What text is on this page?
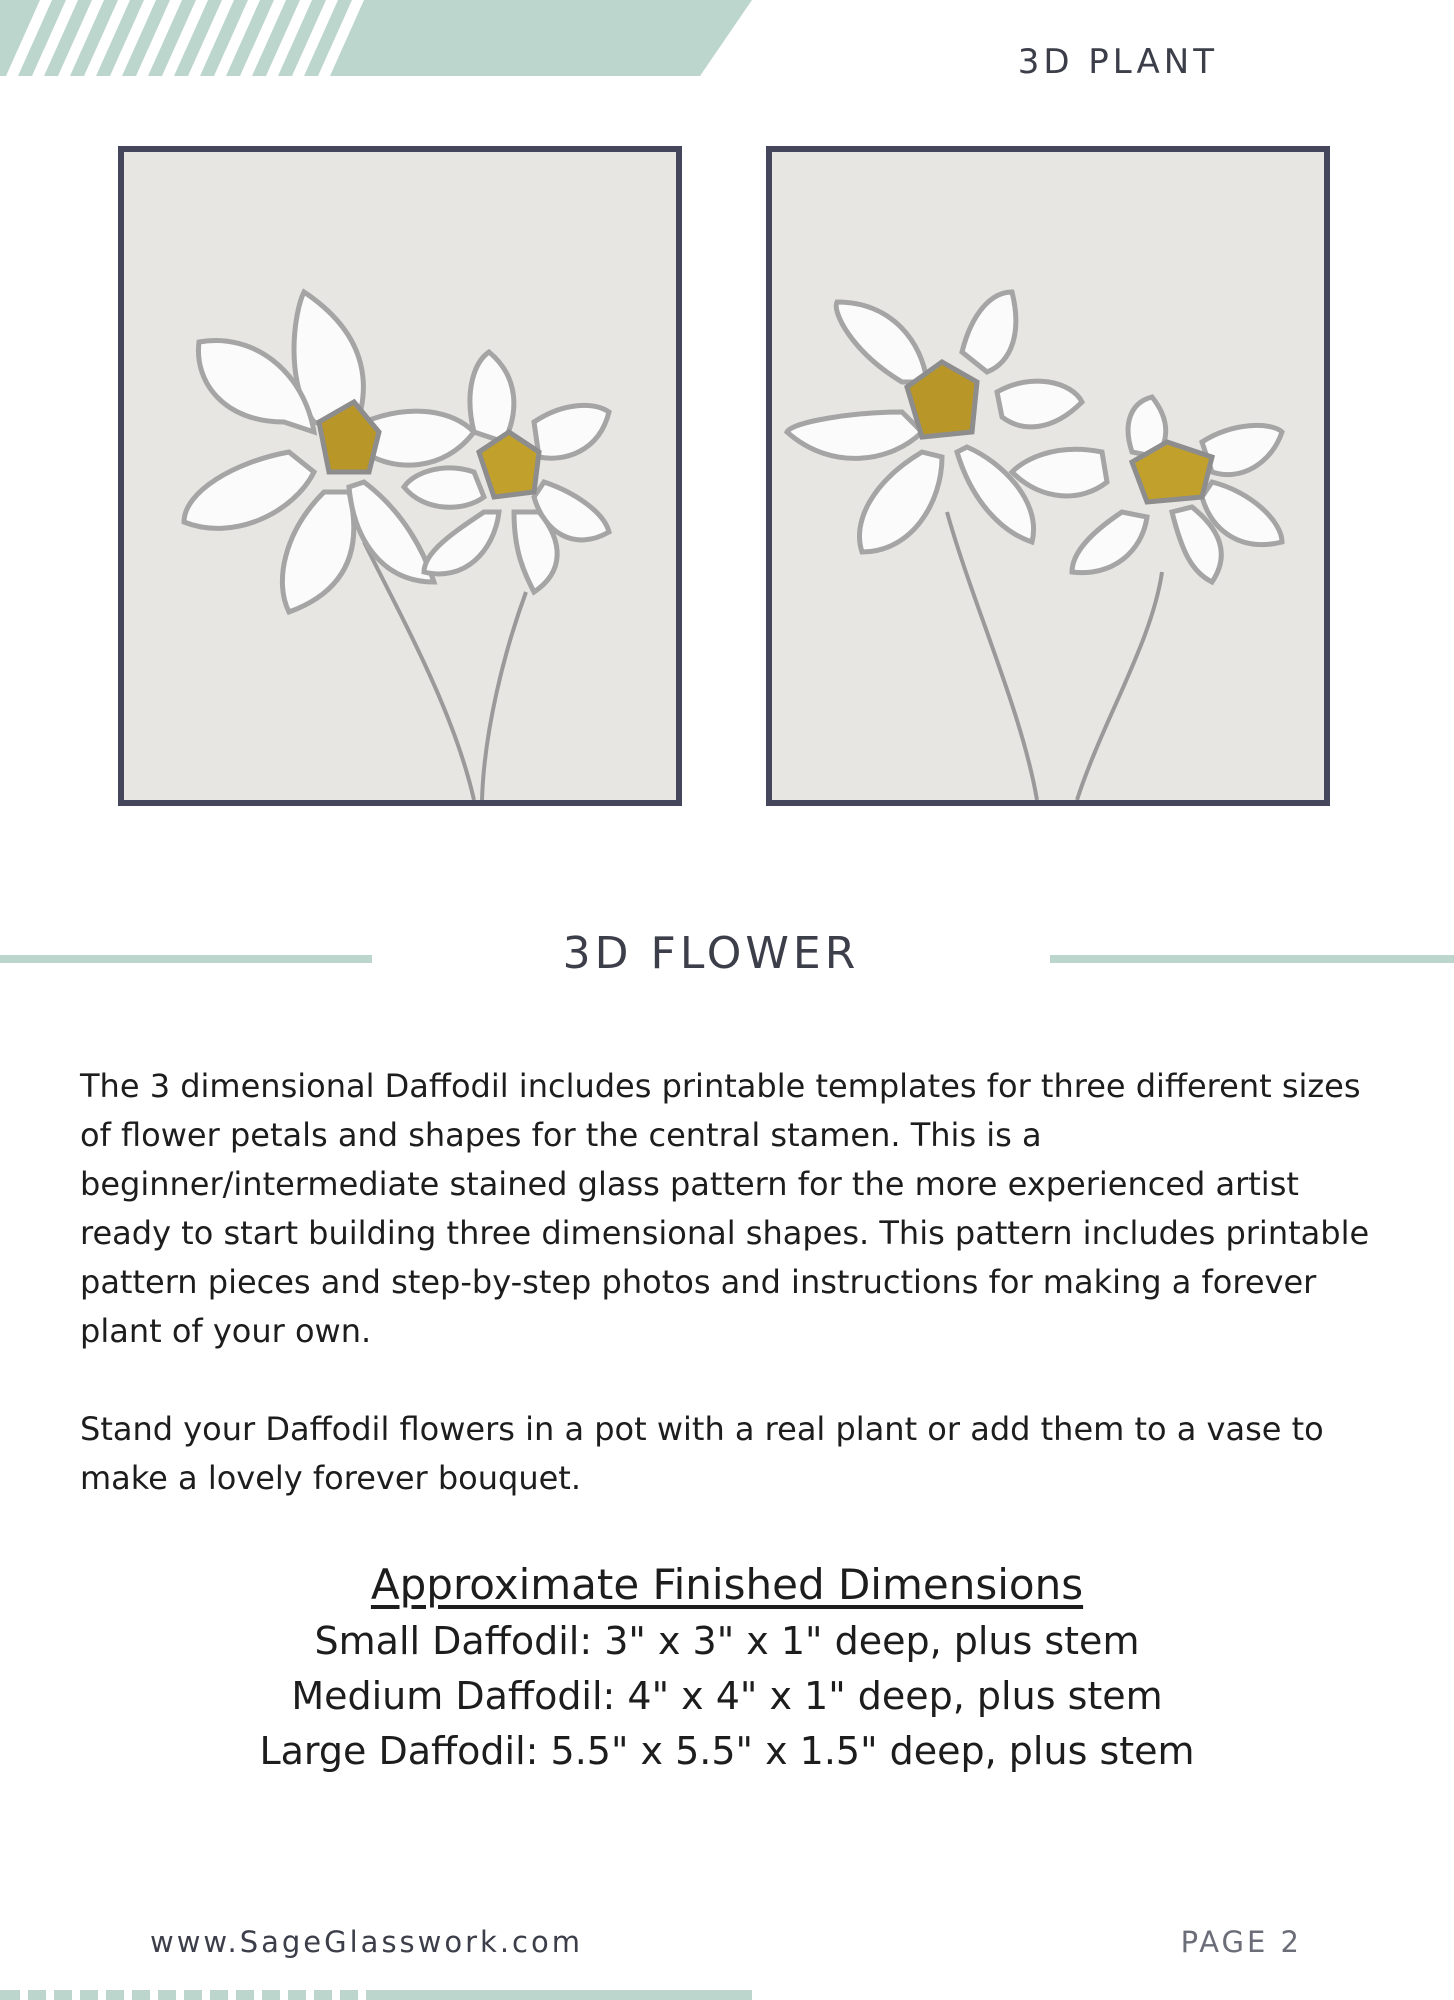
3D PLANT
3D FLOWER

The 3 dimensional Daffodil includes printable templates for three different sizes of flower petals and shapes for the central stamen. This is a beginner/intermediate stained glass pattern for the more experienced artist ready to start building three dimensional shapes. This pattern includes printable pattern pieces and step-by-step photos and instructions for making a forever plant of your own.

Stand your Daffodil flowers in a pot with a real plant or add them to a vase to make a lovely forever bouquet.

Approximate Finished Dimensions
Small Daffodil: 3" x 3" x 1" deep, plus stem
Medium Daffodil: 4" x 4" x 1" deep, plus stem
Large Daffodil: 5.5" x 5.5" x 1.5" deep, plus stem
www.SageGlasswork.com	PAGE 2
